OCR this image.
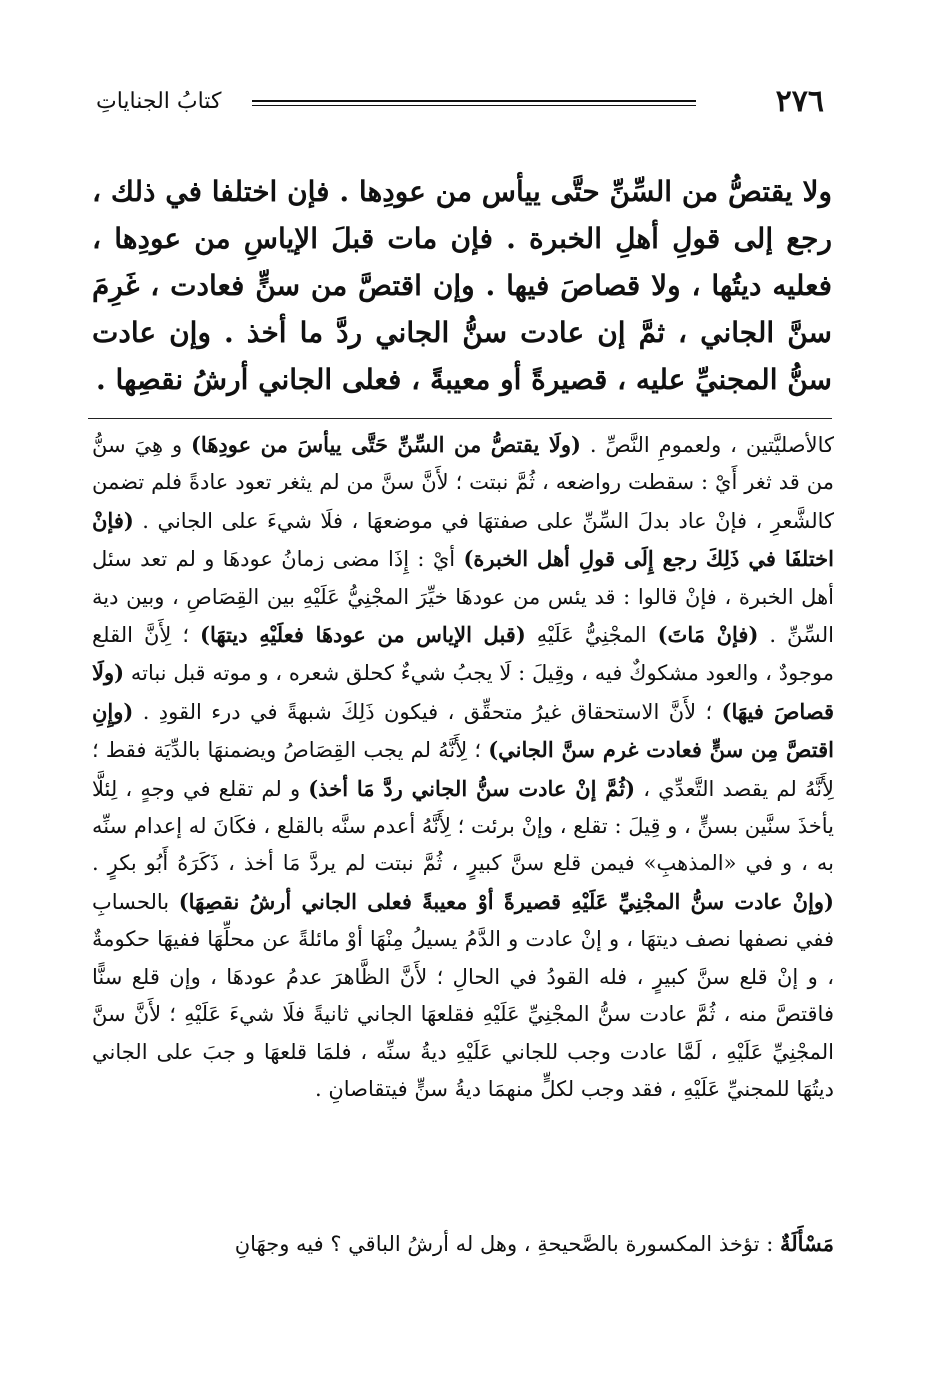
٢٧٦
كتابُ الجناياتِ

ولا يقتصُّ من السِّنِّ حتَّى ييأس من عودِها . فإن اختلفا في ذلك ، رجع إلى قولِ أهلِ الخبرة . فإن مات قبلَ الإياسِ من عودِها ، فعليه ديتُها ، ولا قصاصَ فيها . وإن اقتصَّ من سنٍّ فعادت ، غَرِمَ سنَّ الجاني ، ثمَّ إن عادت سنُّ الجاني ردَّ ما أخذ . وإن عادت سنُّ المجنيِّ عليه ، قصيرةً أو معيبةً ، فعلى الجاني أرشُ نقصِها .

كالأصليَّتين ، ولعمومِ النَّصِّ . (ولَا يقتصُّ من السِّنِّ حَتَّى ييأسَ من عودِهَا) و هِيَ سنُّ من قد ثغر أَيْ : سقطت رواضعه ، ثُمَّ نبتت ؛ لأَنَّ سنَّ من لم يثغر تعود عادةً فلم تضمن كالشَّعرِ ، فإنْ عاد بدلَ السِّنِّ على صفتهَا في موضعهَا ، فلَا شيءَ على الجاني . (فإنْ اختلفَا في ذَلِكَ رجع إِلَى قولِ أهل الخبرة) أيْ : إِذَا مضى زمانُ عودهَا و لم تعد سئل أهل الخبرة ، فإنْ قالوا : قد يئس من عودهَا خيِّرَ المجْنِيُّ عَلَيْهِ بين القِصَاصِ ، وبين دية السِّنِّ . (فإنْ مَاتَ) المجْنِيُّ عَلَيْهِ (قبل الإياس من عودهَا فعلَيْهِ ديتهَا) ؛ لِأَنَّ القلع موجودٌ ، والعود مشكوكٌ فيه ، وقِيلَ : لَا يجبُ شيءٌ كحلق شعره ، و موته قبل نباته (ولَا قصاصَ فيهَا) ؛ لأَنَّ الاستحقاق غيرُ متحقِّق ، فيكون ذَلِكَ شبهةً في درء القودِ . (وإِنِ اقتصَّ مِن سنٍّ فعادت غرم سنَّ الجاني) ؛ لِأَنَّهُ لم يجب القِصَاصُ ويضمنهَا بالدِّيَة فقط ؛ لِأَنَّهُ لم يقصد التَّعدِّي ، (ثُمَّ إنْ عادت سنُّ الجاني ردَّ مَا أخذ) و لم تقلع في وجهٍ ، لِئلَّا يأخذَ سنَّين بسنٍّ ، و قِيلَ : تقلع ، وإنْ برئت ؛ لِأَنَّهُ أعدم سنَّه بالقلع ، فكَانَ له إعدام سنِّه به ، و في «المذهبِ» فيمن قلع سنَّ كبيرٍ ، ثُمَّ نبتت لم يردَّ مَا أخذ ، ذَكَرَهُ أَبُو بكرٍ . (وإنْ عادت سنُّ المجْنِيِّ عَلَيْهِ قصيرةً أوْ معيبةً فعلى الجاني أرشُ نقصِهَا) بالحسابِ ففي نصفها نصف ديتهَا ، و إنْ عادت و الدَّمُ يسيلُ مِنْهَا أوْ مائلةً عن محلِّهَا ففيهَا حكومةٌ ، و إنْ قلع سنَّ كبيرٍ ، فله القودُ في الحالِ ؛ لأَنَّ الظَّاهرَ عدمُ عودهَا ، وإن قلع سنًّا فاقتصَّ منه ، ثُمَّ عادت سنُّ المجْنِيِّ عَلَيْهِ فقلعهَا الجاني ثانيةً فلَا شيءَ عَلَيْهِ ؛ لأَنَّ سنَّ المجْنِيِّ عَلَيْهِ ، لَمَّا عادت وجب للجاني عَلَيْهِ ديةُ سنِّه ، فلمَا قلعهَا و جبَ على الجاني ديتُهَا للمجنيِّ عَلَيْهِ ، فقد وجب لكلٍّ منهمَا ديةُ سنٍّ فيتقاصانِ .

مَسْأَلَةٌ : تؤخذ المكسورة بالصَّحيحةِ ، وهل له أرشُ الباقي ؟ فيه وجهَانِ
